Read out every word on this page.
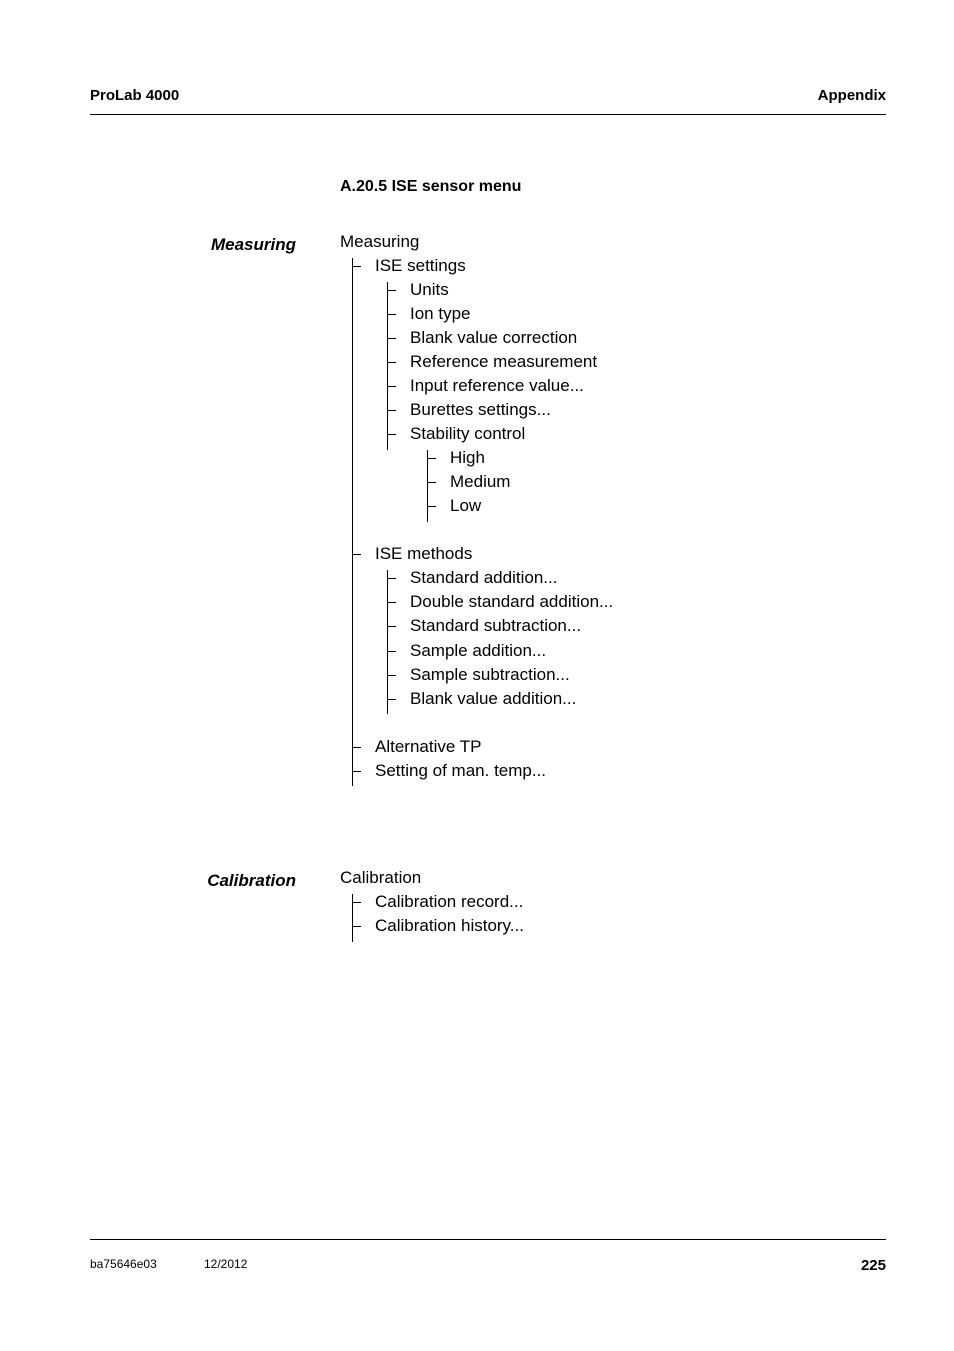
ProLab 4000	Appendix
A.20.5 ISE sensor menu
Measuring	Measuring
ISE settings
Units
Ion type
Blank value correction
Reference measurement
Input reference value...
Burettes settings...
Stability control
High
Medium
Low
ISE methods
Standard addition...
Double standard addition...
Standard subtraction...
Sample addition...
Sample subtraction...
Blank value addition...
Alternative TP
Setting of man. temp...
Calibration	Calibration
Calibration record...
Calibration history...
ba75646e03	12/2012	225
